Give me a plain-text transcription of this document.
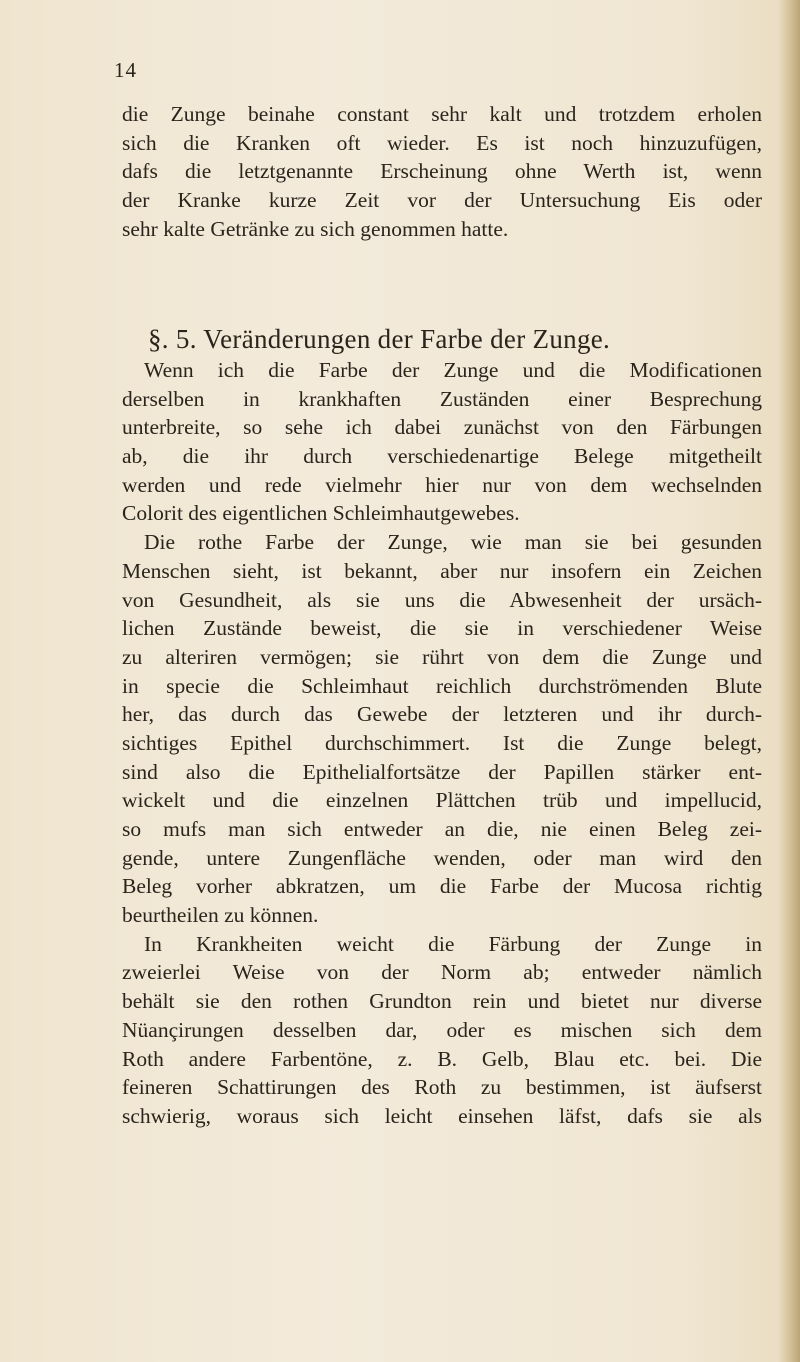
14
die Zunge beinahe constant sehr kalt und trotzdem erholen
sich die Kranken oft wieder. Es ist noch hinzuzufügen,
dafs die letztgenannte Erscheinung ohne Werth ist, wenn
der Kranke kurze Zeit vor der Untersuchung Eis oder
sehr kalte Getränke zu sich genommen hatte.
§. 5. Veränderungen der Farbe der Zunge.
Wenn ich die Farbe der Zunge und die Modificationen
derselben in krankhaften Zuständen einer Besprechung
unterbreite, so sehe ich dabei zunächst von den Färbungen
ab, die ihr durch verschiedenartige Belege mitgetheilt
werden und rede vielmehr hier nur von dem wechselnden
Colorit des eigentlichen Schleimhautgewebes.
Die rothe Farbe der Zunge, wie man sie bei gesunden
Menschen sieht, ist bekannt, aber nur insofern ein Zeichen
von Gesundheit, als sie uns die Abwesenheit der ursäch-
lichen Zustände beweist, die sie in verschiedener Weise
zu alteriren vermögen; sie rührt von dem die Zunge und
in specie die Schleimhaut reichlich durchströmenden Blute
her, das durch das Gewebe der letzteren und ihr durch-
sichtiges Epithel durchschimmert. Ist die Zunge belegt,
sind also die Epithelialfortsätze der Papillen stärker ent-
wickelt und die einzelnen Plättchen trüb und impellucid,
so mufs man sich entweder an die, nie einen Beleg zei-
gende, untere Zungenfläche wenden, oder man wird den
Beleg vorher abkratzen, um die Farbe der Mucosa richtig
beurtheilen zu können.
In Krankheiten weicht die Färbung der Zunge in
zweierlei Weise von der Norm ab; entweder nämlich
behält sie den rothen Grundton rein und bietet nur diverse
Nüançirungen desselben dar, oder es mischen sich dem
Roth andere Farbentöne, z. B. Gelb, Blau etc. bei. Die
feineren Schattirungen des Roth zu bestimmen, ist äufserst
schwierig, woraus sich leicht einsehen läfst, dafs sie als
